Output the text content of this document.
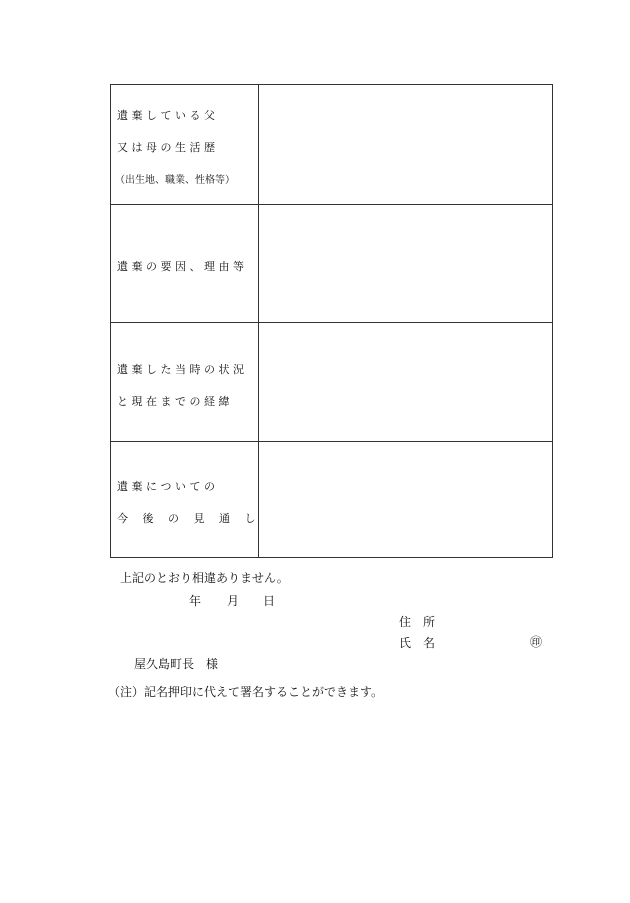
遺 棄 し て い る 父
又 は 母 の 生 活 歴
（出生地、職業、性格等）
遺 棄 の 要 因 、 理 由 等
遺 棄 し た 当 時 の 状 況
と 現 在 ま で の 経 緯
遺 棄 に つ い て の
今 　後 　の 　見 　通 　し
上記のとおり相違ありません。
年 月 日
住　所
氏　名	㊞
屋久島町長　様
（注）記名押印に代えて署名することができます。
